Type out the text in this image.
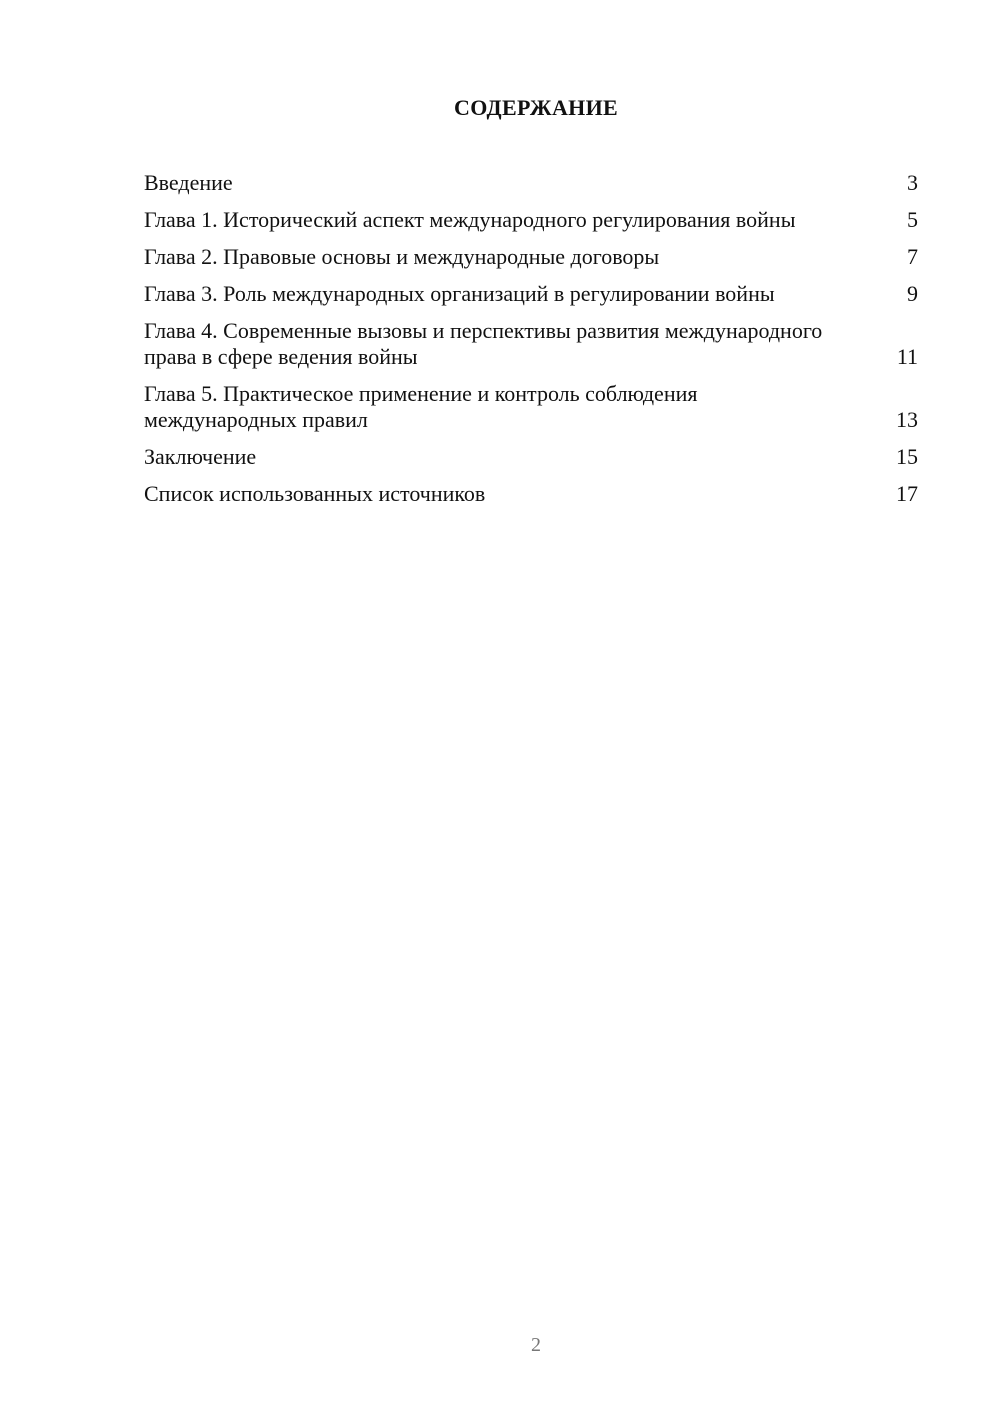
СОДЕРЖАНИЕ
Введение	3
Глава 1. Исторический аспект международного регулирования войны	5
Глава 2. Правовые основы и международные договоры	7
Глава 3. Роль международных организаций в регулировании войны	9
Глава 4. Современные вызовы и перспективы развития международного права в сфере ведения войны	11
Глава 5. Практическое применение и контроль соблюдения международных правил	13
Заключение	15
Список использованных источников	17
2
